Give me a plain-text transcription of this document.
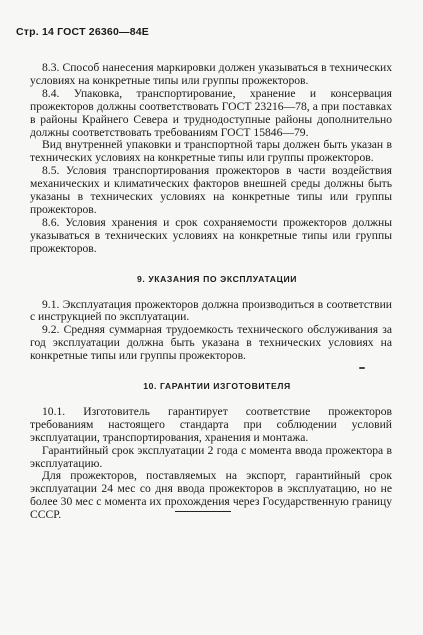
Стр. 14 ГОСТ 26360—84Е

8.3. Способ нанесения маркировки должен указываться в технических условиях на конкретные типы или группы прожекторов.

8.4. Упаковка, транспортирование, хранение и консервация прожекторов должны соответствовать ГОСТ 23216—78, а при поставках в районы Крайнего Севера и труднодоступные районы дополнительно должны соответствовать требованиям ГОСТ 15846—79.

Вид внутренней упаковки и транспортной тары должен быть указан в технических условиях на конкретные типы или группы прожекторов.

8.5. Условия транспортирования прожекторов в части воздействия механических и климатических факторов внешней среды должны быть указаны в технических условиях на конкретные типы или группы прожекторов.

8.6. Условия хранения и срок сохраняемости прожекторов должны указываться в технических условиях на конкретные типы или группы прожекторов.

9. УКАЗАНИЯ ПО ЭКСПЛУАТАЦИИ

9.1. Эксплуатация прожекторов должна производиться в соответствии с инструкцией по эксплуатации.

9.2. Средняя суммарная трудоемкость технического обслуживания за год эксплуатации должна быть указана в технических условиях на конкретные типы или группы прожекторов.

10. ГАРАНТИИ ИЗГОТОВИТЕЛЯ

10.1. Изготовитель гарантирует соответствие прожекторов требованиям настоящего стандарта при соблюдении условий эксплуатации, транспортирования, хранения и монтажа.

Гарантийный срок эксплуатации 2 года с момента ввода прожектора в эксплуатацию.

Для прожекторов, поставляемых на экспорт, гарантийный срок эксплуатации 24 мес со дня ввода прожекторов в эксплуатацию, но не более 30 мес с момента их прохождения через Государственную границу СССР.
